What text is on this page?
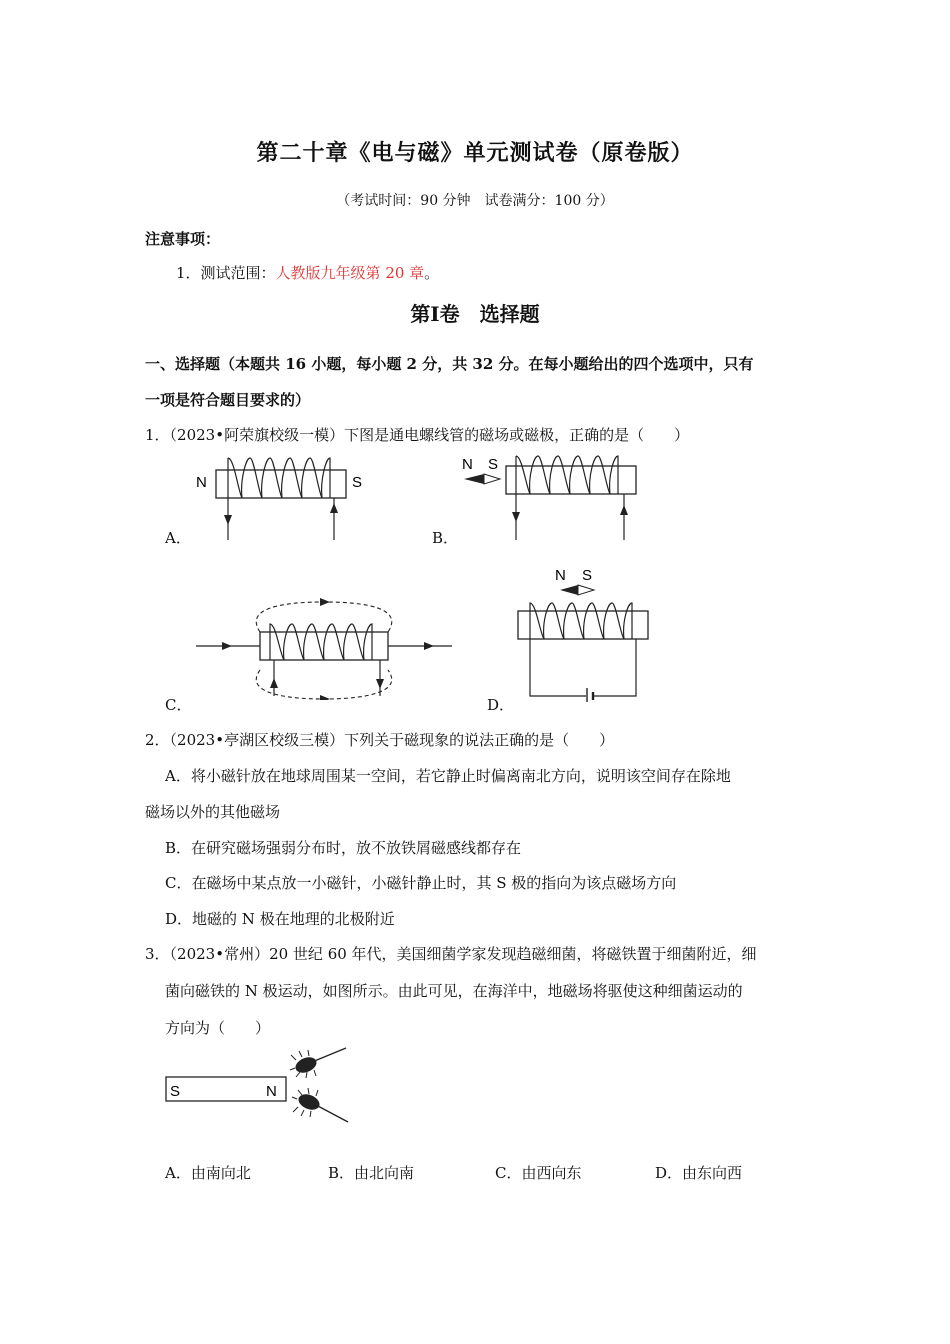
第二十章《电与磁》单元测试卷（原卷版）
（考试时间：90 分钟　试卷满分：100 分）
注意事项：
1．测试范围：人教版九年级第 20 章。
第Ⅰ卷　选择题
一、选择题（本题共 16 小题，每小题 2 分，共 32 分。在每小题给出的四个选项中，只有
一项是符合题目要求的）
1．（2023•阿荣旗校级一模）下图是通电螺线管的磁场或磁极，正确的是（　　）
N	S
A．
N S
B．
C．
N S
D．
2．（2023•亭湖区校级三模）下列关于磁现象的说法正确的是（　　）
A．将小磁针放在地球周围某一空间，若它静止时偏离南北方向，说明该空间存在除地
磁场以外的其他磁场
B．在研究磁场强弱分布时，放不放铁屑磁感线都存在
C．在磁场中某点放一小磁针，小磁针静止时，其 S 极的指向为该点磁场方向
D．地磁的 N 极在地理的北极附近
3．（2023•常州）20 世纪 60 年代，美国细菌学家发现趋磁细菌，将磁铁置于细菌附近，细
菌向磁铁的 N 极运动，如图所示。由此可见，在海洋中，地磁场将驱使这种细菌运动的
方向为（　　）
S	N
A．由南向北	B．由北向南	C．由西向东	D．由东向西
